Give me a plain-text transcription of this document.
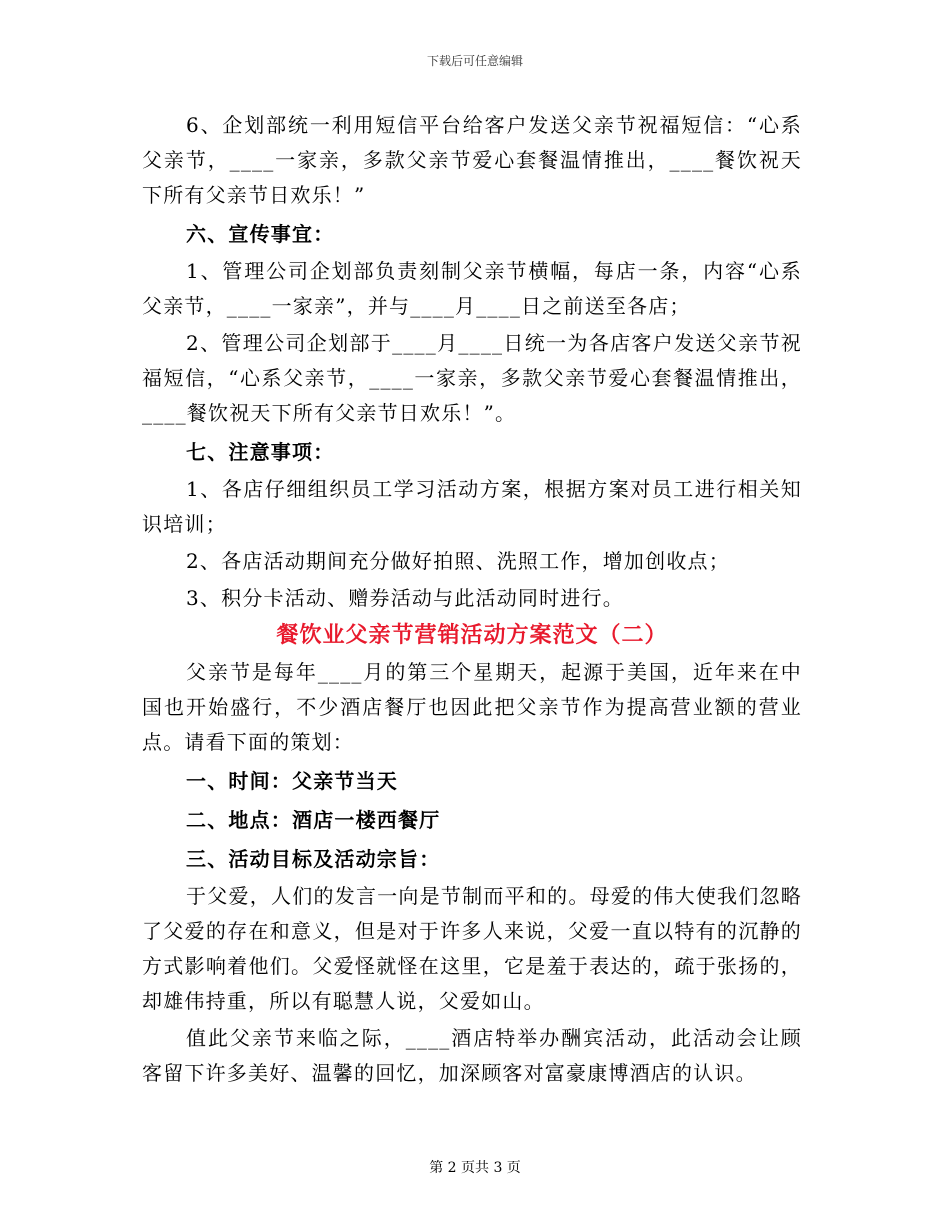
下载后可任意编辑

6、企划部统一利用短信平台给客户发送父亲节祝福短信：“心系父亲节，____一家亲，多款父亲节爱心套餐温情推出，____餐饮祝天下所有父亲节日欢乐！”

六、宣传事宜：

1、管理公司企划部负责刻制父亲节横幅，每店一条，内容“心系父亲节，____一家亲”，并与____月____日之前送至各店；

2、管理公司企划部于____月____日统一为各店客户发送父亲节祝福短信，“心系父亲节，____一家亲，多款父亲节爱心套餐温情推出，____餐饮祝天下所有父亲节日欢乐！”。

七、注意事项：

1、各店仔细组织员工学习活动方案，根据方案对员工进行相关知识培训；

2、各店活动期间充分做好拍照、洗照工作，增加创收点；

3、积分卡活动、赠券活动与此活动同时进行。

餐饮业父亲节营销活动方案范文（二）

父亲节是每年____月的第三个星期天，起源于美国，近年来在中国也开始盛行，不少酒店餐厅也因此把父亲节作为提高营业额的营业点。请看下面的策划：

一、时间：父亲节当天

二、地点：酒店一楼西餐厅

三、活动目标及活动宗旨：

于父爱，人们的发言一向是节制而平和的。母爱的伟大使我们忽略了父爱的存在和意义，但是对于许多人来说，父爱一直以特有的沉静的方式影响着他们。父爱怪就怪在这里，它是羞于表达的，疏于张扬的，却雄伟持重，所以有聪慧人说，父爱如山。

值此父亲节来临之际，____酒店特举办酬宾活动，此活动会让顾客留下许多美好、温馨的回忆，加深顾客对富豪康博酒店的认识。

第 2 页共 3 页
